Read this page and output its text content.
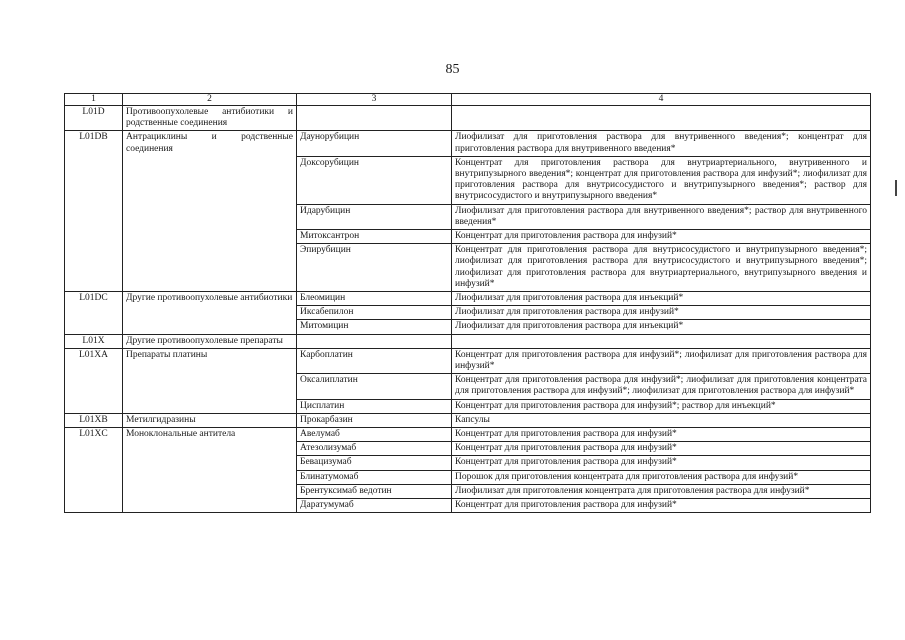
85
1	2	3	4
L01D	Противоопухолевые антибиотики и родственные соединения		
L01DB	Антрациклины и родственные соединения	Даунорубицин	Лиофилизат для приготовления раствора для внутривенного введения*; концентрат для приготовления раствора для внутривенного введения*
		Доксорубицин	Концентрат для приготовления раствора для внутриартериального, внутривенного и внутрипузырного введения*; концентрат для приготовления раствора для инфузий*; лиофилизат для приготовления раствора для внутрисосудистого и внутрипузырного введения*; раствор для внутрисосудистого и внутрипузырного введения*
		Идарубицин	Лиофилизат для приготовления раствора для внутривенного введения*; раствор для внутривенного введения*
		Митоксантрон	Концентрат для приготовления раствора для инфузий*
		Эпирубицин	Концентрат для приготовления раствора для внутрисосудистого и внутрипузырного введения*; лиофилизат для приготовления раствора для внутрисосудистого и внутрипузырного введения*; лиофилизат для приготовления раствора для внутриартериального, внутрипузырного введения и инфузий*
L01DC	Другие противоопухолевые антибиотики	Блеомицин	Лиофилизат для приготовления раствора для инъекций*
		Иксабепилон	Лиофилизат для приготовления раствора для инфузий*
		Митомицин	Лиофилизат для приготовления раствора для инъекций*
L01X	Другие противоопухолевые препараты		
L01XA	Препараты платины	Карбоплатин	Концентрат для приготовления раствора для инфузий*; лиофилизат для приготовления раствора для инфузий*
		Оксалиплатин	Концентрат для приготовления раствора для инфузий*; лиофилизат для приготовления концентрата для приготовления раствора для инфузий*; лиофилизат для приготовления раствора для инфузий*
		Цисплатин	Концентрат для приготовления раствора для инфузий*; раствор для инъекций*
L01XB	Метилгидразины	Прокарбазин	Капсулы
L01XC	Моноклональные антитела	Авелумаб	Концентрат для приготовления раствора для инфузий*
		Атезолизумаб	Концентрат для приготовления раствора для инфузий*
		Бевацизумаб	Концентрат для приготовления раствора для инфузий*
		Блинатумомаб	Порошок для приготовления концентрата для приготовления раствора для инфузий*
		Брентуксимаб ведотин	Лиофилизат для приготовления концентрата для приготовления раствора для инфузий*
		Даратумумаб	Концентрат для приготовления раствора для инфузий*
